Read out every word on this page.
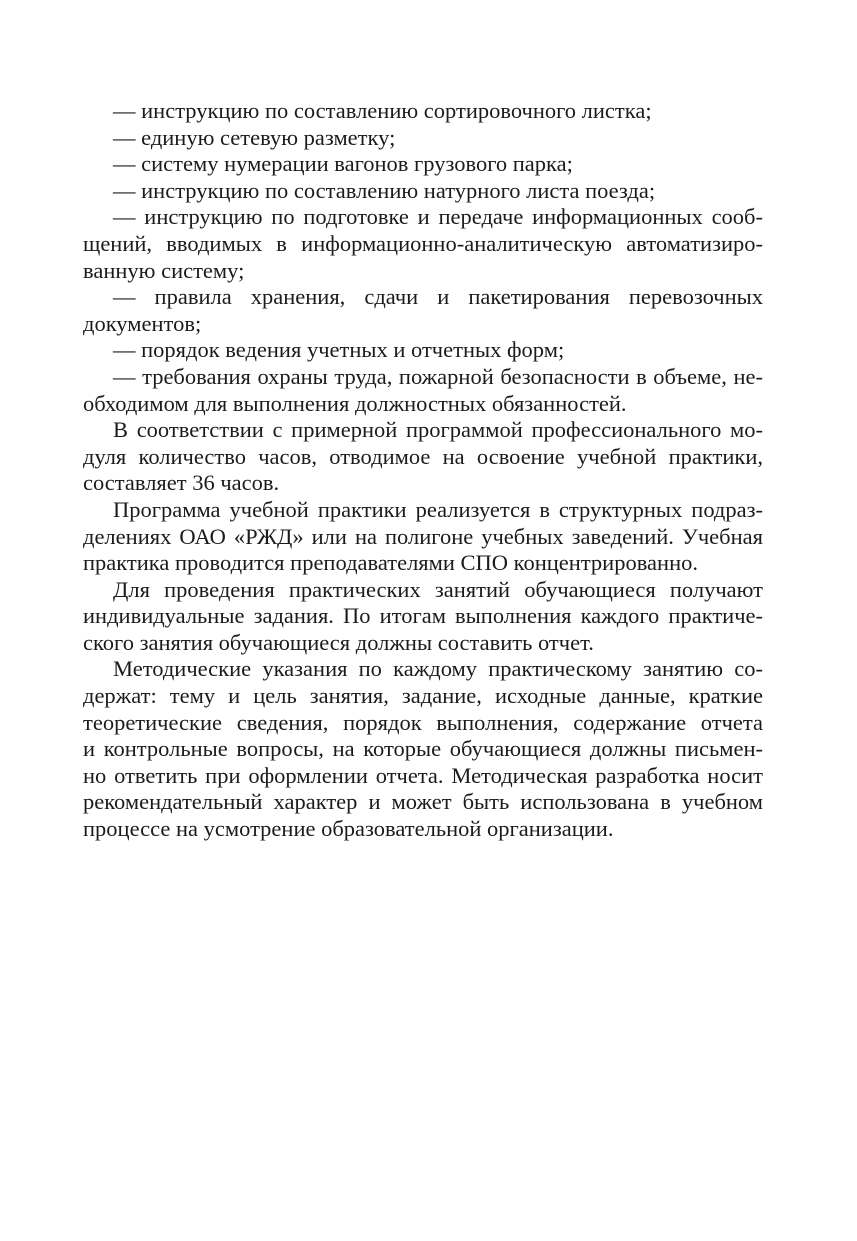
— инструкцию по составлению сортировочного листка;
— единую сетевую разметку;
— систему нумерации вагонов грузового парка;
— инструкцию по составлению натурного листа поезда;
— инструкцию по подготовке и передаче информационных сооб-
щений, вводимых в информационно-аналитическую автоматизиро-
ванную систему;
— правила хранения, сдачи и пакетирования перевозочных
документов;
— порядок ведения учетных и отчетных форм;
— требования охраны труда, пожарной безопасности в объеме, не-
обходимом для выполнения должностных обязанностей.
В соответствии с примерной программой профессионального мо-
дуля количество часов, отводимое на освоение учебной практики,
составляет 36 часов.
Программа учебной практики реализуется в структурных подраз-
делениях ОАО «РЖД» или на полигоне учебных заведений. Учебная
практика проводится преподавателями СПО концентрированно.
Для проведения практических занятий обучающиеся получают
индивидуальные задания. По итогам выполнения каждого практиче-
ского занятия обучающиеся должны составить отчет.
Методические указания по каждому практическому занятию со-
держат: тему и цель занятия, задание, исходные данные, краткие
теоретические сведения, порядок выполнения, содержание отчета
и контрольные вопросы, на которые обучающиеся должны письмен-
но ответить при оформлении отчета. Методическая разработка носит
рекомендательный характер и может быть использована в учебном
процессе на усмотрение образовательной организации.
